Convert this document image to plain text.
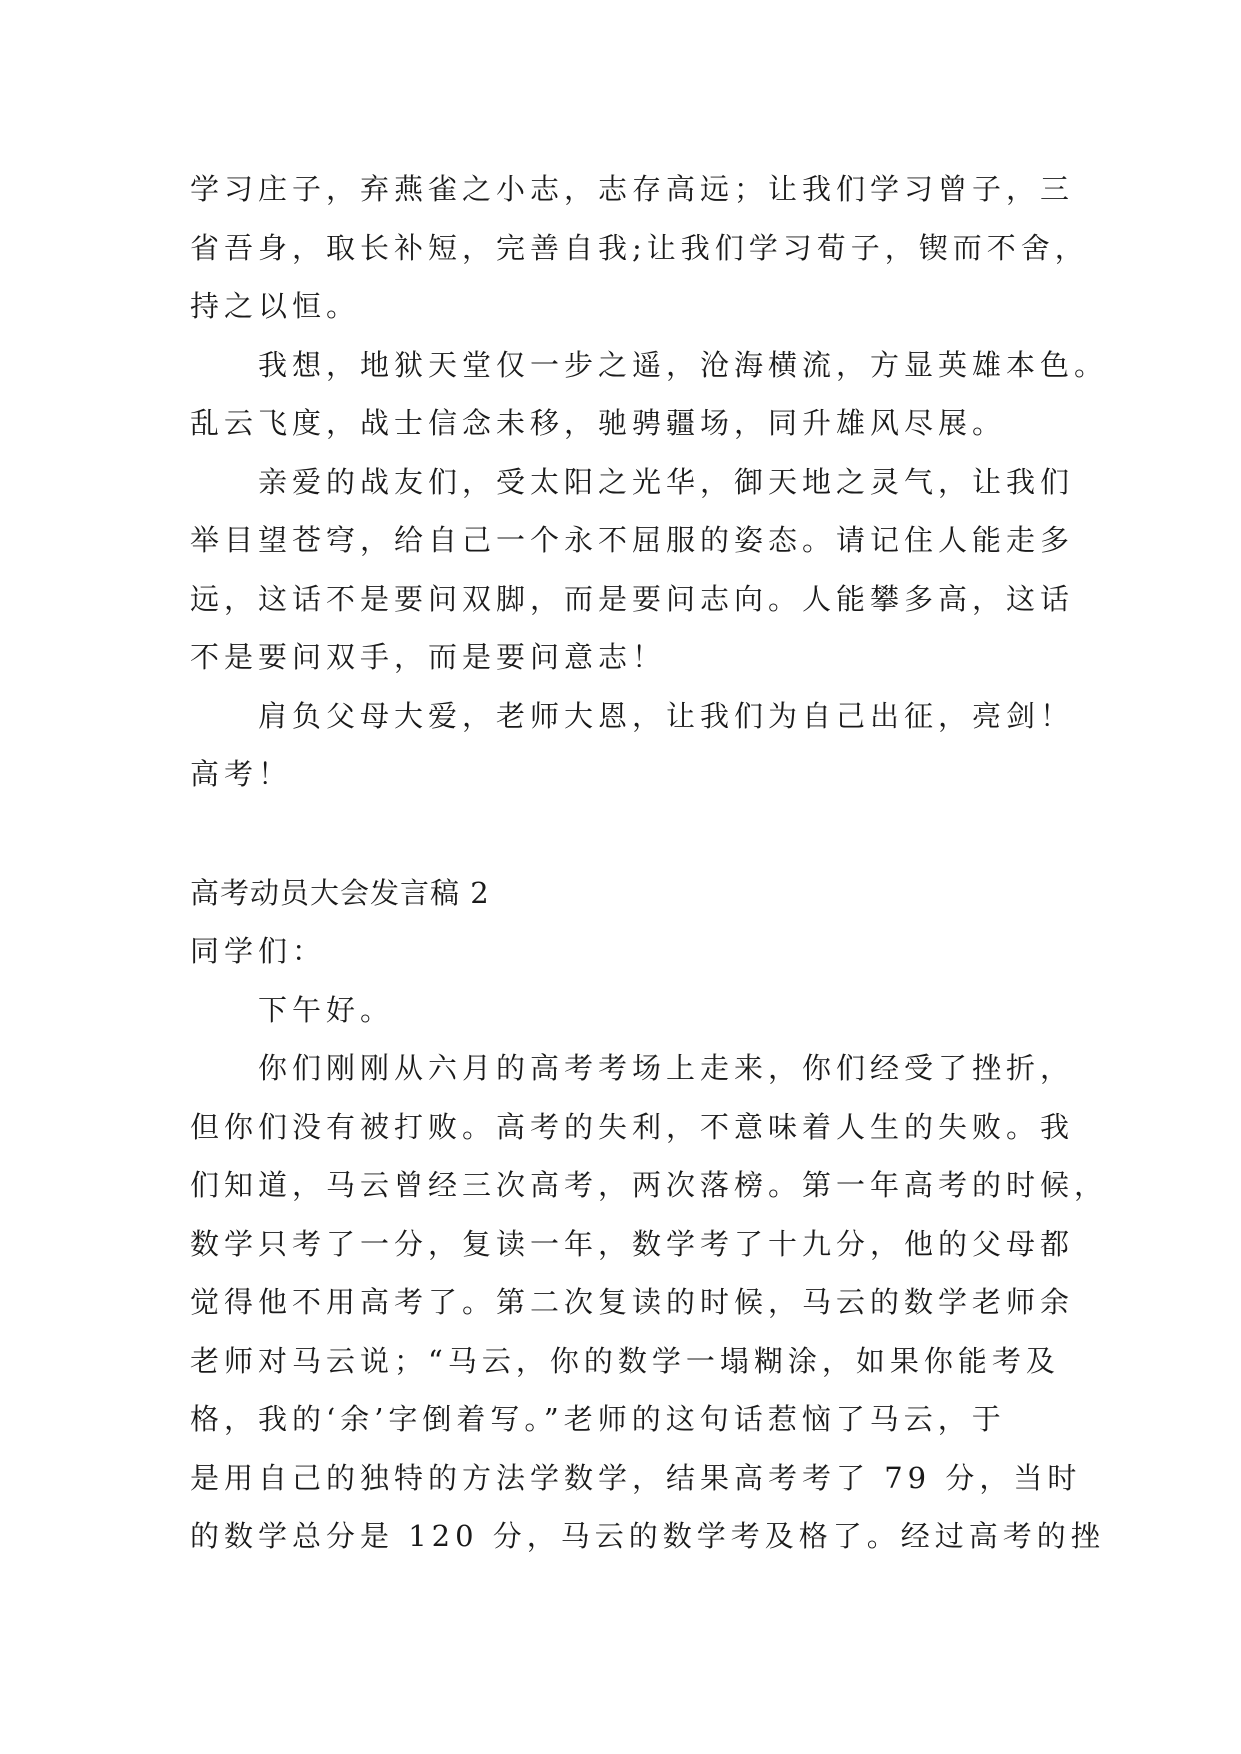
学习庄子，弃燕雀之小志，志存高远；让我们学习曾子，三
省吾身，取长补短，完善自我;让我们学习荀子，锲而不舍，
持之以恒。
我想，地狱天堂仅一步之遥，沧海横流，方显英雄本色。
乱云飞度，战士信念未移，驰骋疆场，同升雄风尽展。
亲爱的战友们，受太阳之光华，御天地之灵气，让我们
举目望苍穹，给自己一个永不屈服的姿态。请记住人能走多
远，这话不是要问双脚，而是要问志向。人能攀多高，这话
不是要问双手，而是要问意志！
肩负父母大爱，老师大恩，让我们为自己出征，亮剑！
高考！
高考动员大会发言稿 2
同学们：
下午好。
你们刚刚从六月的高考考场上走来，你们经受了挫折，
但你们没有被打败。高考的失利，不意味着人生的失败。我
们知道，马云曾经三次高考，两次落榜。第一年高考的时候，
数学只考了一分，复读一年，数学考了十九分，他的父母都
觉得他不用高考了。第二次复读的时候，马云的数学老师余
老师对马云说；“马云，你的数学一塌糊涂，如果你能考及
格，我的‘余’字倒着写。”老师的这句话惹恼了马云，于
是用自己的独特的方法学数学，结果高考考了 79 分，当时
的数学总分是 120 分，马云的数学考及格了。经过高考的挫
